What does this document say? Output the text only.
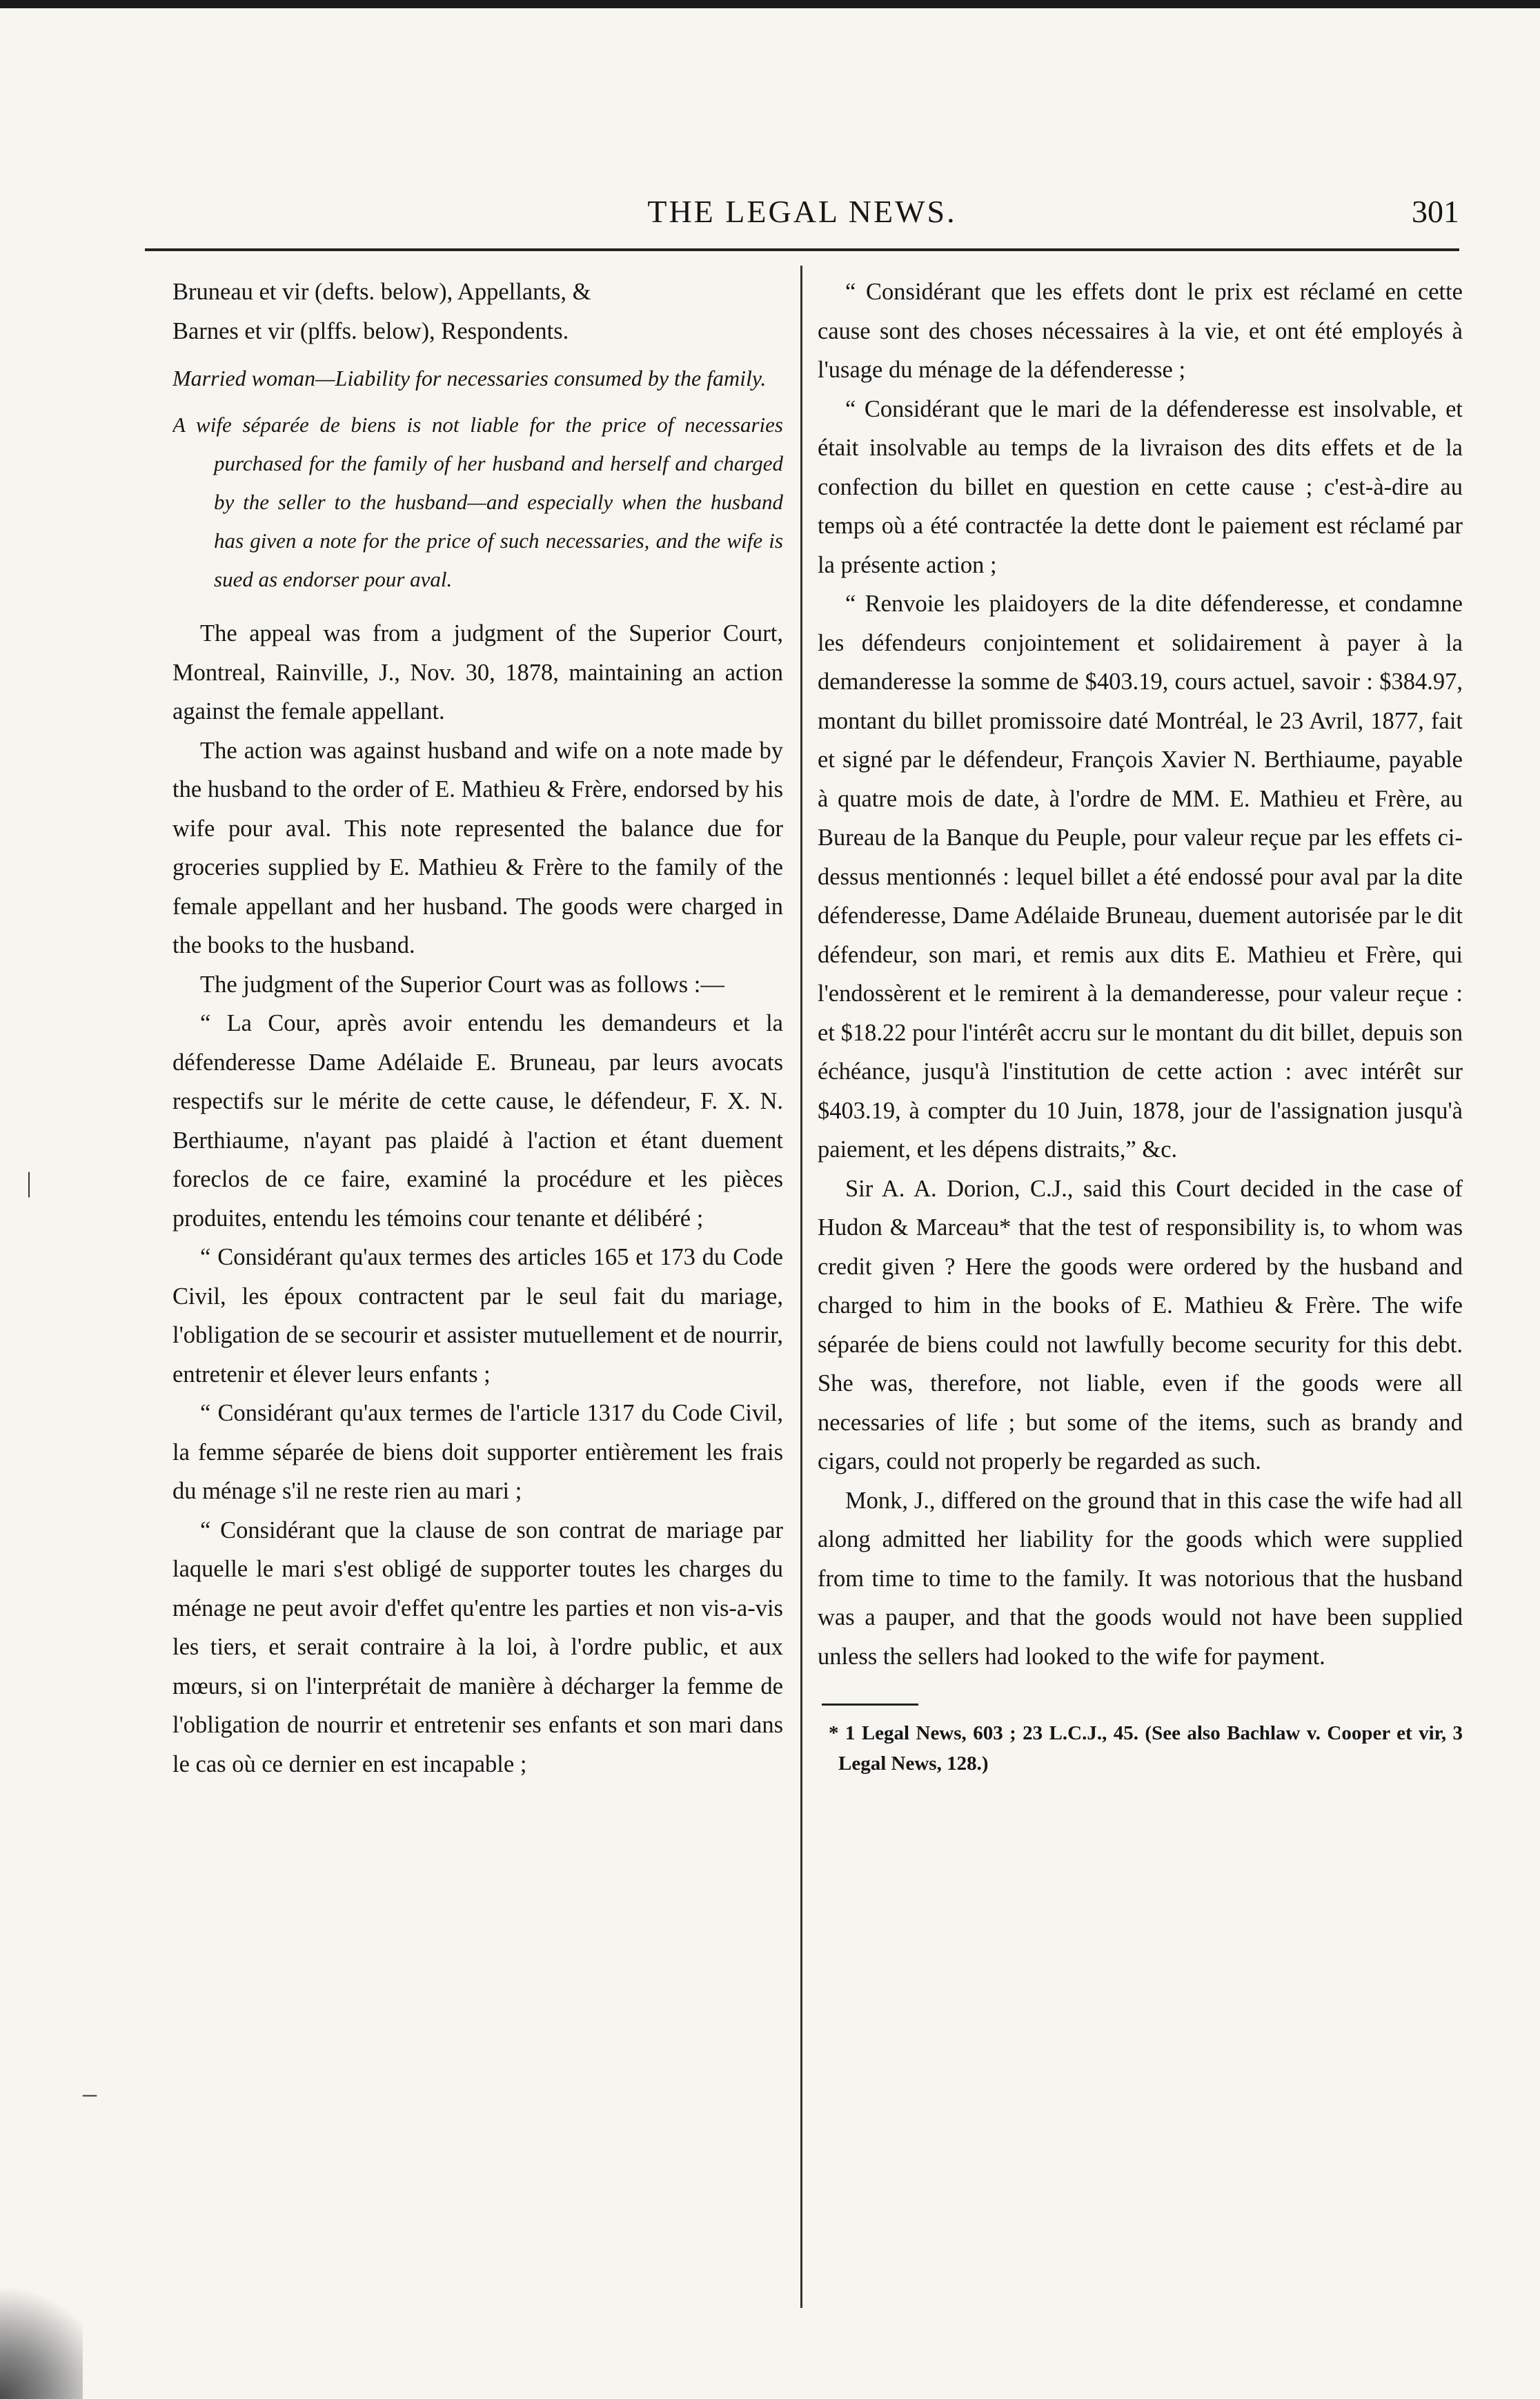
THE LEGAL NEWS.	301

Bruneau et vir (defts. below), Appellants, &

Barnes et vir (plffs. below), Respondents.

Married woman—Liability for necessaries consumed by the family.

A wife séparée de biens is not liable for the price of necessaries purchased for the family of her husband and herself and charged by the seller to the husband—and especially when the husband has given a note for the price of such necessaries, and the wife is sued as endorser pour aval.

The appeal was from a judgment of the Superior Court, Montreal, Rainville, J., Nov. 30, 1878, maintaining an action against the female appellant.

The action was against husband and wife on a note made by the husband to the order of E. Mathieu & Frère, endorsed by his wife pour aval. This note represented the balance due for groceries supplied by E. Mathieu & Frère to the family of the female appellant and her husband. The goods were charged in the books to the husband.

The judgment of the Superior Court was as follows :—

“ La Cour, après avoir entendu les demandeurs et la défenderesse Dame Adélaide E. Bruneau, par leurs avocats respectifs sur le mérite de cette cause, le défendeur, F. X. N. Berthiaume, n'ayant pas plaidé à l'action et étant duement foreclos de ce faire, examiné la procédure et les pièces produites, entendu les témoins cour tenante et délibéré ;

“ Considérant qu'aux termes des articles 165 et 173 du Code Civil, les époux contractent par le seul fait du mariage, l'obligation de se secourir et assister mutuellement et de nourrir, entretenir et élever leurs enfants ;

“ Considérant qu'aux termes de l'article 1317 du Code Civil, la femme séparée de biens doit supporter entièrement les frais du ménage s'il ne reste rien au mari ;

“ Considérant que la clause de son contrat de mariage par laquelle le mari s'est obligé de supporter toutes les charges du ménage ne peut avoir d'effet qu'entre les parties et non vis-a-vis les tiers, et serait contraire à la loi, à l'ordre public, et aux mœurs, si on l'interprétait de manière à décharger la femme de l'obligation de nourrir et entretenir ses enfants et son mari dans le cas où ce dernier en est incapable ;

“ Considérant que les effets dont le prix est réclamé en cette cause sont des choses nécessaires à la vie, et ont été employés à l'usage du ménage de la défenderesse ;

“ Considérant que le mari de la défenderesse est insolvable, et était insolvable au temps de la livraison des dits effets et de la confection du billet en question en cette cause ; c'est-à-dire au temps où a été contractée la dette dont le paiement est réclamé par la présente action ;

“ Renvoie les plaidoyers de la dite défenderesse, et condamne les défendeurs conjointement et solidairement à payer à la demanderesse la somme de $403.19, cours actuel, savoir : $384.97, montant du billet promissoire daté Montréal, le 23 Avril, 1877, fait et signé par le défendeur, François Xavier N. Berthiaume, payable à quatre mois de date, à l'ordre de MM. E. Mathieu et Frère, au Bureau de la Banque du Peuple, pour valeur reçue par les effets ci-dessus mentionnés : lequel billet a été endossé pour aval par la dite défenderesse, Dame Adélaide Bruneau, duement autorisée par le dit défendeur, son mari, et remis aux dits E. Mathieu et Frère, qui l'endossèrent et le remirent à la demanderesse, pour valeur reçue : et $18.22 pour l'intérêt accru sur le montant du dit billet, depuis son échéance, jusqu'à l'institution de cette action : avec intérêt sur $403.19, à compter du 10 Juin, 1878, jour de l'assignation jusqu'à paiement, et les dépens distraits,” &c.

Sir A. A. Dorion, C.J., said this Court decided in the case of Hudon & Marceau* that the test of responsibility is, to whom was credit given ? Here the goods were ordered by the husband and charged to him in the books of E. Mathieu & Frère. The wife séparée de biens could not lawfully become security for this debt. She was, therefore, not liable, even if the goods were all necessaries of life ; but some of the items, such as brandy and cigars, could not properly be regarded as such.

Monk, J., differed on the ground that in this case the wife had all along admitted her liability for the goods which were supplied from time to time to the family. It was notorious that the husband was a pauper, and that the goods would not have been supplied unless the sellers had looked to the wife for payment.

* 1 Legal News, 603 ; 23 L.C.J., 45. (See also Bachlaw v. Cooper et vir, 3 Legal News, 128.)

|
–
